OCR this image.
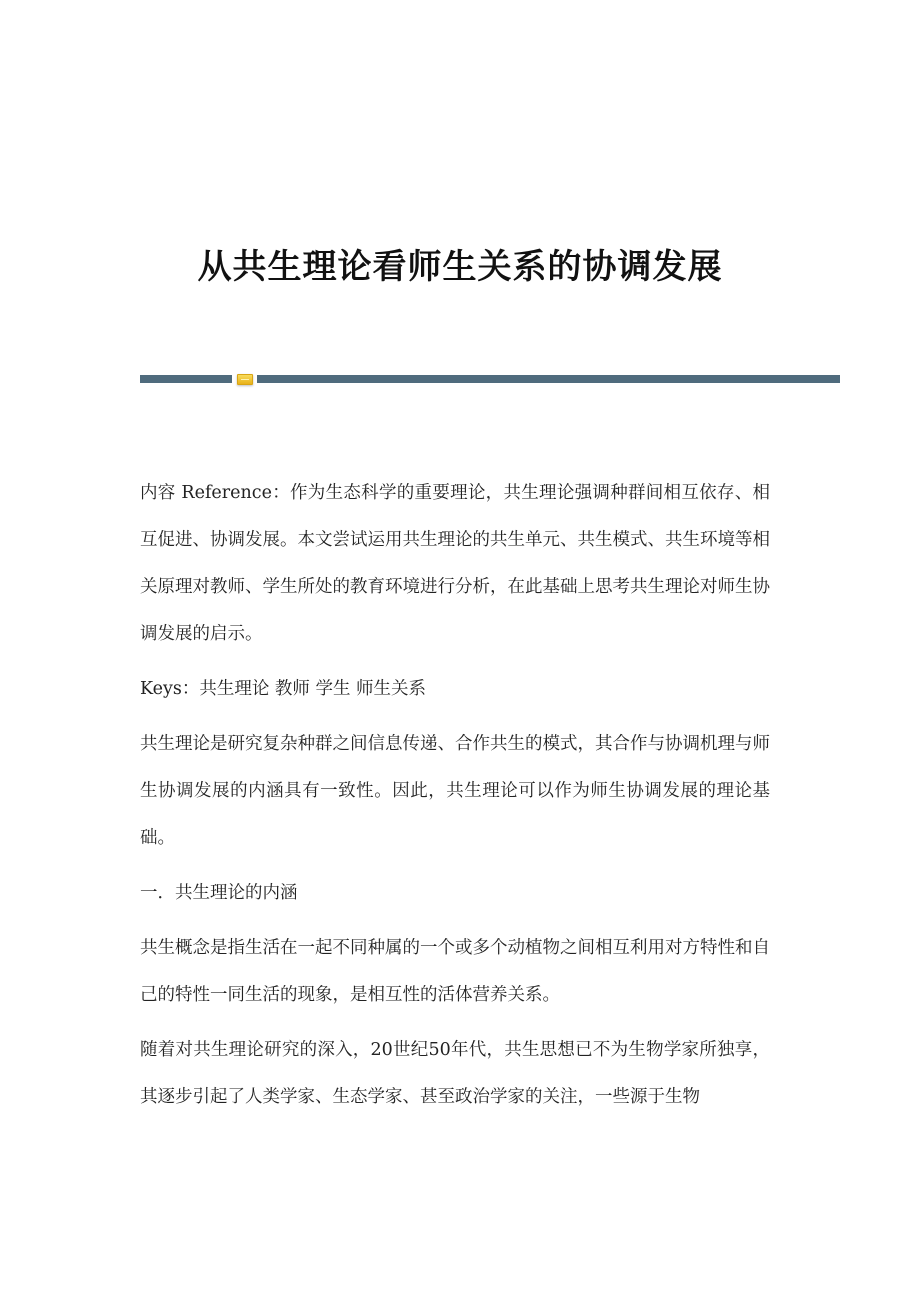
从共生理论看师生关系的协调发展

内容 Reference：作为生态科学的重要理论，共生理论强调种群间相互依存、相互促进、协调发展。本文尝试运用共生理论的共生单元、共生模式、共生环境等相关原理对教师、学生所处的教育环境进行分析，在此基础上思考共生理论对师生协调发展的启示。

Keys：共生理论 教师 学生 师生关系

共生理论是研究复杂种群之间信息传递、合作共生的模式，其合作与协调机理与师生协调发展的内涵具有一致性。因此，共生理论可以作为师生协调发展的理论基础。

一．共生理论的内涵

共生概念是指生活在一起不同种属的一个或多个动植物之间相互利用对方特性和自己的特性一同生活的现象，是相互性的活体营养关系。

随着对共生理论研究的深入，20世纪50年代，共生思想已不为生物学家所独享，其逐步引起了人类学家、生态学家、甚至政治学家的关注，一些源于生物
